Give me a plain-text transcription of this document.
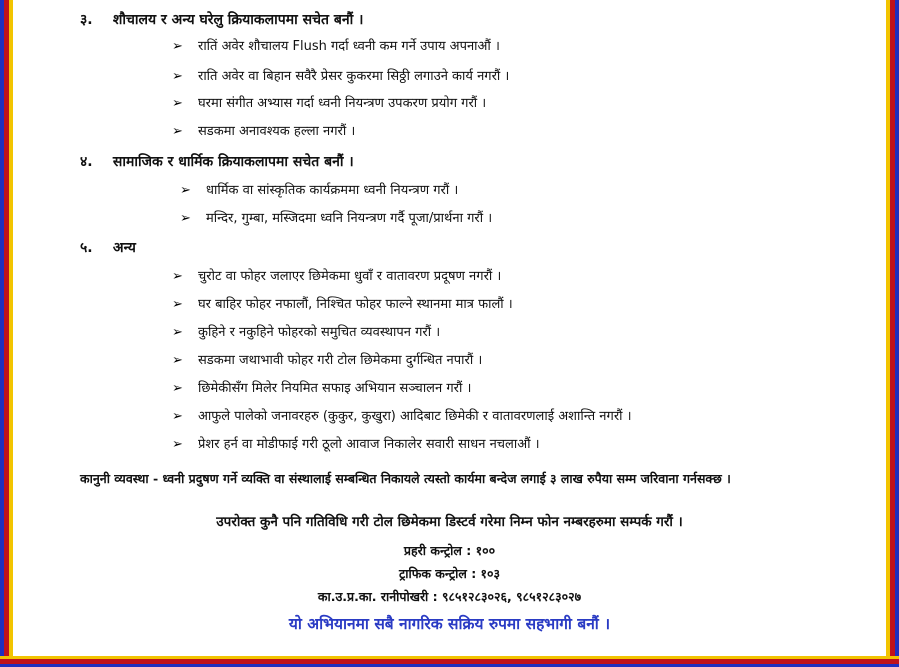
३. शौचालय र अन्य घरेलु क्रियाकलापमा सचेत बनौं ।
➢ रातिं अवेर शौचालय Flush गर्दा ध्वनी कम गर्ने उपाय अपनाऔं ।
➢ राति अवेर वा बिहान सवैरै प्रेसर कुकरमा सिठ्ठी लगाउने कार्य नगरौं ।
➢ घरमा संगीत अभ्यास गर्दा ध्वनी नियन्त्रण उपकरण प्रयोग गरौं ।
➢ सडकमा अनावश्यक हल्ला नगरौं ।
४. सामाजिक र धार्मिक क्रियाकलापमा सचेत बनौं ।
➢ धार्मिक वा सांस्कृतिक कार्यक्रममा ध्वनी नियन्त्रण गरौं ।
➢ मन्दिर, गुम्बा, मस्जिदमा ध्वनि नियन्त्रण गर्दै पूजा/प्रार्थना गरौं ।
५. अन्य
➢ चुरोट वा फोहर जलाएर छिमेकमा धुवाँ र वातावरण प्रदूषण नगरौं ।
➢ घर बाहिर फोहर नफालौं, निश्चित फोहर फाल्ने स्थानमा मात्र फालौं ।
➢ कुहिने र नकुहिने फोहरको समुचित व्यवस्थापन गरौं ।
➢ सडकमा जथाभावी फोहर गरी टोल छिमेकमा दुर्गन्धित नपारौं ।
➢ छिमेकीसँग मिलेर नियमित सफाइ अभियान सञ्चालन गरौं ।
➢ आफुले पालेको जनावरहरु (कुकुर, कुखुरा) आदिबाट छिमेकी र वातावरणलाई अशान्ति नगरौं ।
➢ प्रेशर हर्न वा मोडीफाई गरी ठूलो आवाज निकालेर सवारी साधन नचलाऔं ।
कानुनी व्यवस्था - ध्वनी प्रदुषण गर्ने व्यक्ति वा संस्थालाई सम्बन्धित निकायले त्यस्तो कार्यमा बन्देज लगाई ३ लाख रुपैया सम्म जरिवाना गर्नसक्छ ।
उपरोक्त कुनै पनि गतिविधि गरी टोल छिमेकमा डिस्टर्व गरेमा निम्न फोन नम्बरहरुमा सम्पर्क गरौं ।
प्रहरी कन्ट्रोल : १००
ट्राफिक कन्ट्रोल : १०३
का.उ.प्र.का. रानीपोखरी : ९८५१२८३०२६, ९८५१२८३०२७
यो अभियानमा सबै नागरिक सक्रिय रुपमा सहभागी बनौं ।
